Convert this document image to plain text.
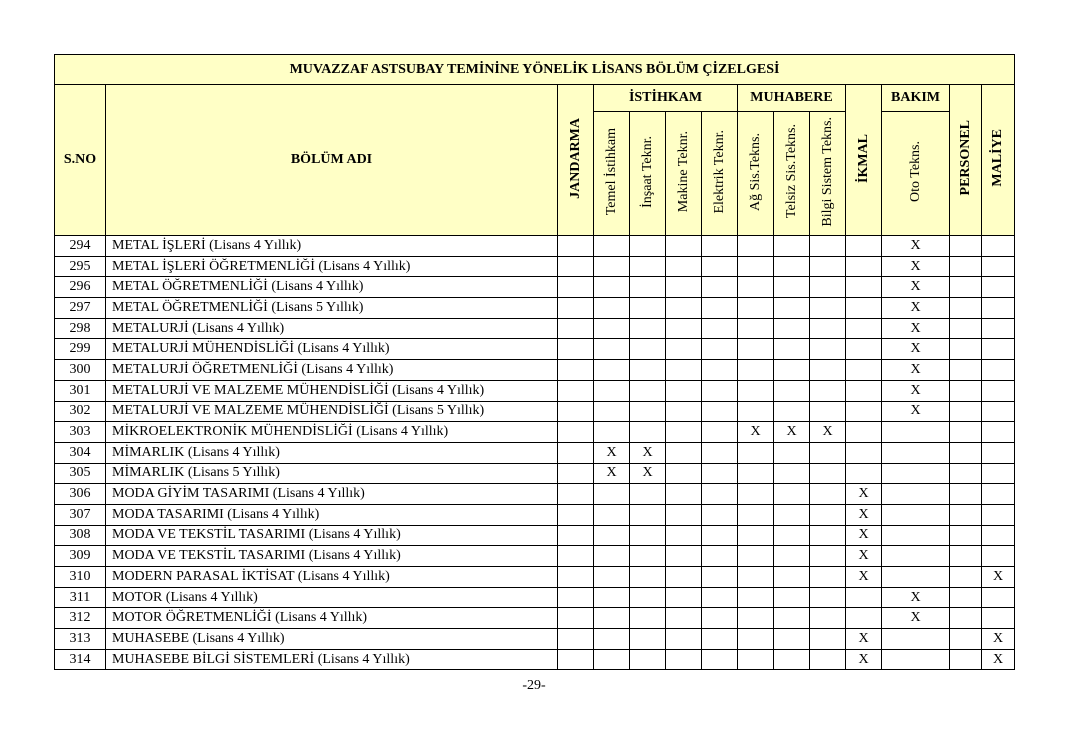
MUVAZZAF ASTSUBAY TEMİNİNE YÖNELİK LİSANS BÖLÜM ÇİZELGESİ													
S.NO	BÖLÜM ADI	JANDARMA	İSTİHKAM				MUHABERE			İKMAL	BAKIM	PERSONEL	MALİYE
			Temel İstihkam	İnşaat Teknr.	Makine Teknr.	Elektrik Teknr.	Ağ Sis.Tekns.	Telsiz Sis.Tekns.	Bilgi Sistem Tekns.		Oto Tekns.		
294	METAL İŞLERİ (Lisans 4 Yıllık)										X		
295	METAL İŞLERİ ÖĞRETMENLİĞİ (Lisans 4 Yıllık)										X		
296	METAL ÖĞRETMENLİĞİ (Lisans 4 Yıllık)										X		
297	METAL ÖĞRETMENLİĞİ (Lisans 5 Yıllık)										X		
298	METALURJİ (Lisans 4 Yıllık)										X		
299	METALURJİ MÜHENDİSLİĞİ (Lisans 4 Yıllık)										X		
300	METALURJİ ÖĞRETMENLİĞİ (Lisans 4 Yıllık)										X		
301	METALURJİ VE MALZEME MÜHENDİSLİĞİ (Lisans 4 Yıllık)										X		
302	METALURJİ VE MALZEME MÜHENDİSLİĞİ (Lisans 5 Yıllık)										X		
303	MİKROELEKTRONİK MÜHENDİSLİĞİ (Lisans 4 Yıllık)						X	X	X				
304	MİMARLIK (Lisans 4 Yıllık)		X	X									
305	MİMARLIK (Lisans 5 Yıllık)		X	X									
306	MODA GİYİM TASARIMI (Lisans 4 Yıllık)									X			
307	MODA TASARIMI (Lisans 4 Yıllık)									X			
308	MODA VE TEKSTİL TASARIMI (Lisans 4 Yıllık)									X			
309	MODA VE TEKSTİL TASARIMI (Lisans 4 Yıllık)									X			
310	MODERN PARASAL İKTİSAT (Lisans 4 Yıllık)									X			X
311	MOTOR (Lisans 4 Yıllık)										X		
312	MOTOR ÖĞRETMENLİĞİ (Lisans 4 Yıllık)										X		
313	MUHASEBE (Lisans 4 Yıllık)									X			X
314	MUHASEBE BİLGİ SİSTEMLERİ (Lisans 4 Yıllık)									X			X
-29-
